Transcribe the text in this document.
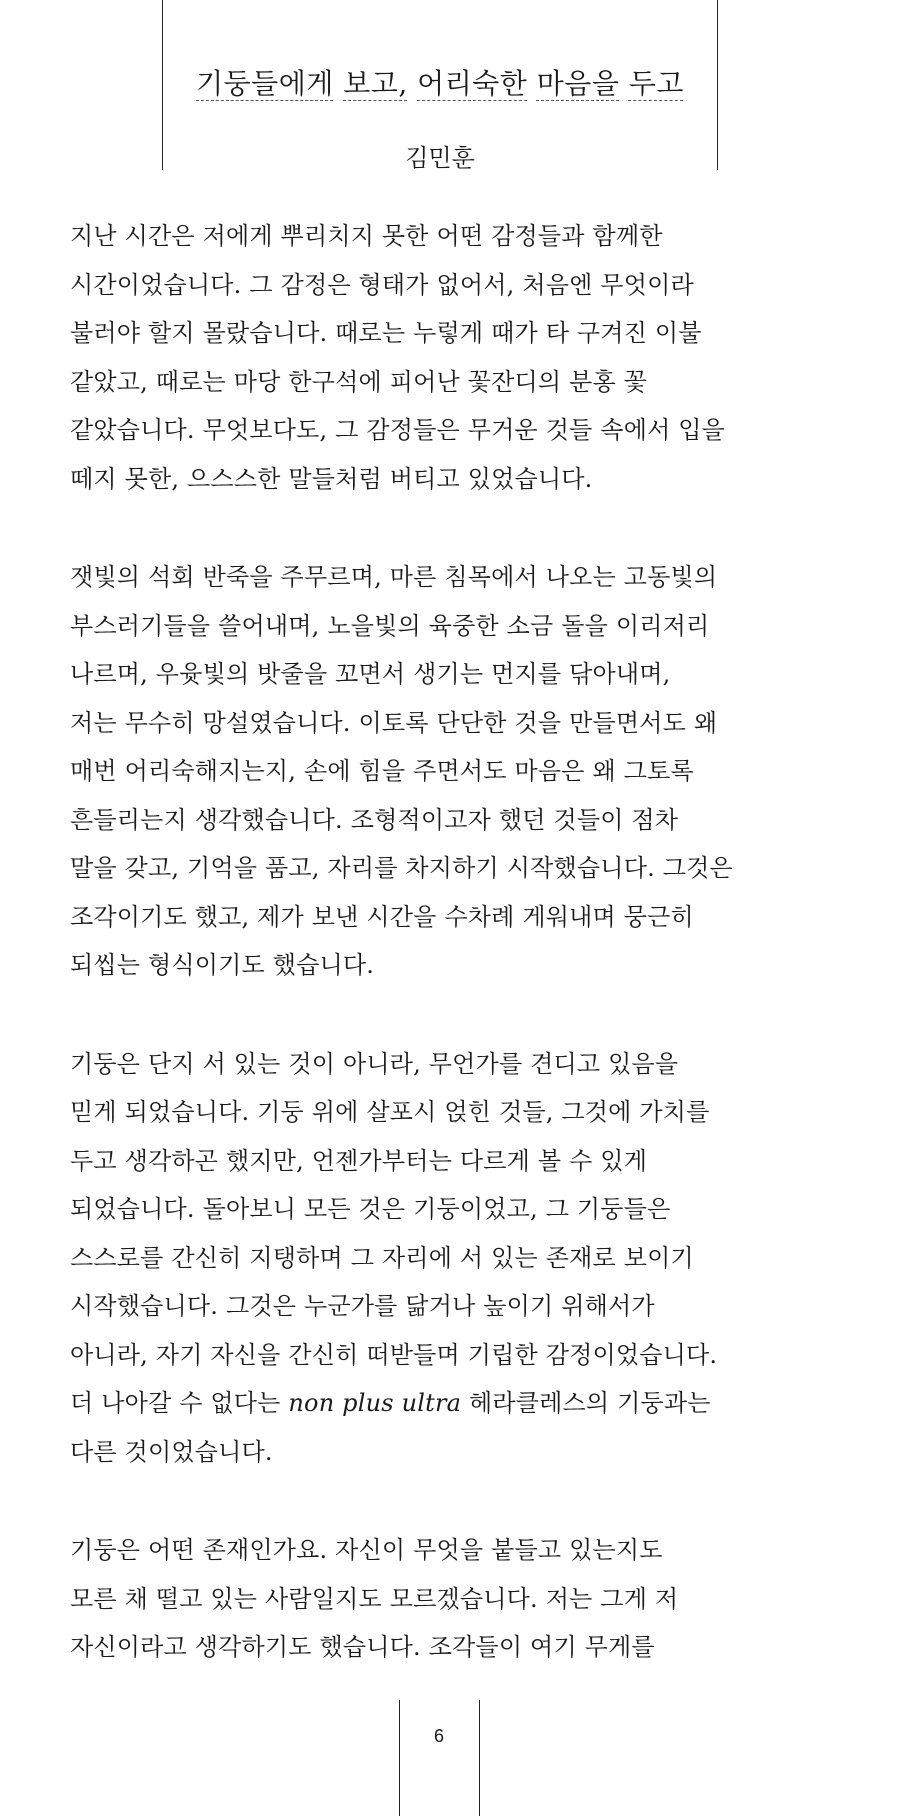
기둥들에게 보고, 어리숙한 마음을 두고
김민훈

지난 시간은 저에게 뿌리치지 못한 어떤 감정들과 함께한
시간이었습니다. 그 감정은 형태가 없어서, 처음엔 무엇이라
불러야 할지 몰랐습니다. 때로는 누렇게 때가 타 구겨진 이불
같았고, 때로는 마당 한구석에 피어난 꽃잔디의 분홍 꽃
같았습니다. 무엇보다도, 그 감정들은 무거운 것들 속에서 입을
떼지 못한, 으스스한 말들처럼 버티고 있었습니다.

잿빛의 석회 반죽을 주무르며, 마른 침목에서 나오는 고동빛의
부스러기들을 쓸어내며, 노을빛의 육중한 소금 돌을 이리저리
나르며, 우윳빛의 밧줄을 꼬면서 생기는 먼지를 닦아내며,
저는 무수히 망설였습니다. 이토록 단단한 것을 만들면서도 왜
매번 어리숙해지는지, 손에 힘을 주면서도 마음은 왜 그토록
흔들리는지 생각했습니다. 조형적이고자 했던 것들이 점차
말을 갖고, 기억을 품고, 자리를 차지하기 시작했습니다. 그것은
조각이기도 했고, 제가 보낸 시간을 수차례 게워내며 뭉근히
되씹는 형식이기도 했습니다.

기둥은 단지 서 있는 것이 아니라, 무언가를 견디고 있음을
믿게 되었습니다. 기둥 위에 살포시 얹힌 것들, 그것에 가치를
두고 생각하곤 했지만, 언젠가부터는 다르게 볼 수 있게
되었습니다. 돌아보니 모든 것은 기둥이었고, 그 기둥들은
스스로를 간신히 지탱하며 그 자리에 서 있는 존재로 보이기
시작했습니다. 그것은 누군가를 닮거나 높이기 위해서가
아니라, 자기 자신을 간신히 떠받들며 기립한 감정이었습니다.
더 나아갈 수 없다는 non plus ultra 헤라클레스의 기둥과는
다른 것이었습니다.

기둥은 어떤 존재인가요. 자신이 무엇을 붙들고 있는지도
모른 채 떨고 있는 사람일지도 모르겠습니다. 저는 그게 저
자신이라고 생각하기도 했습니다. 조각들이 여기 무게를

6
